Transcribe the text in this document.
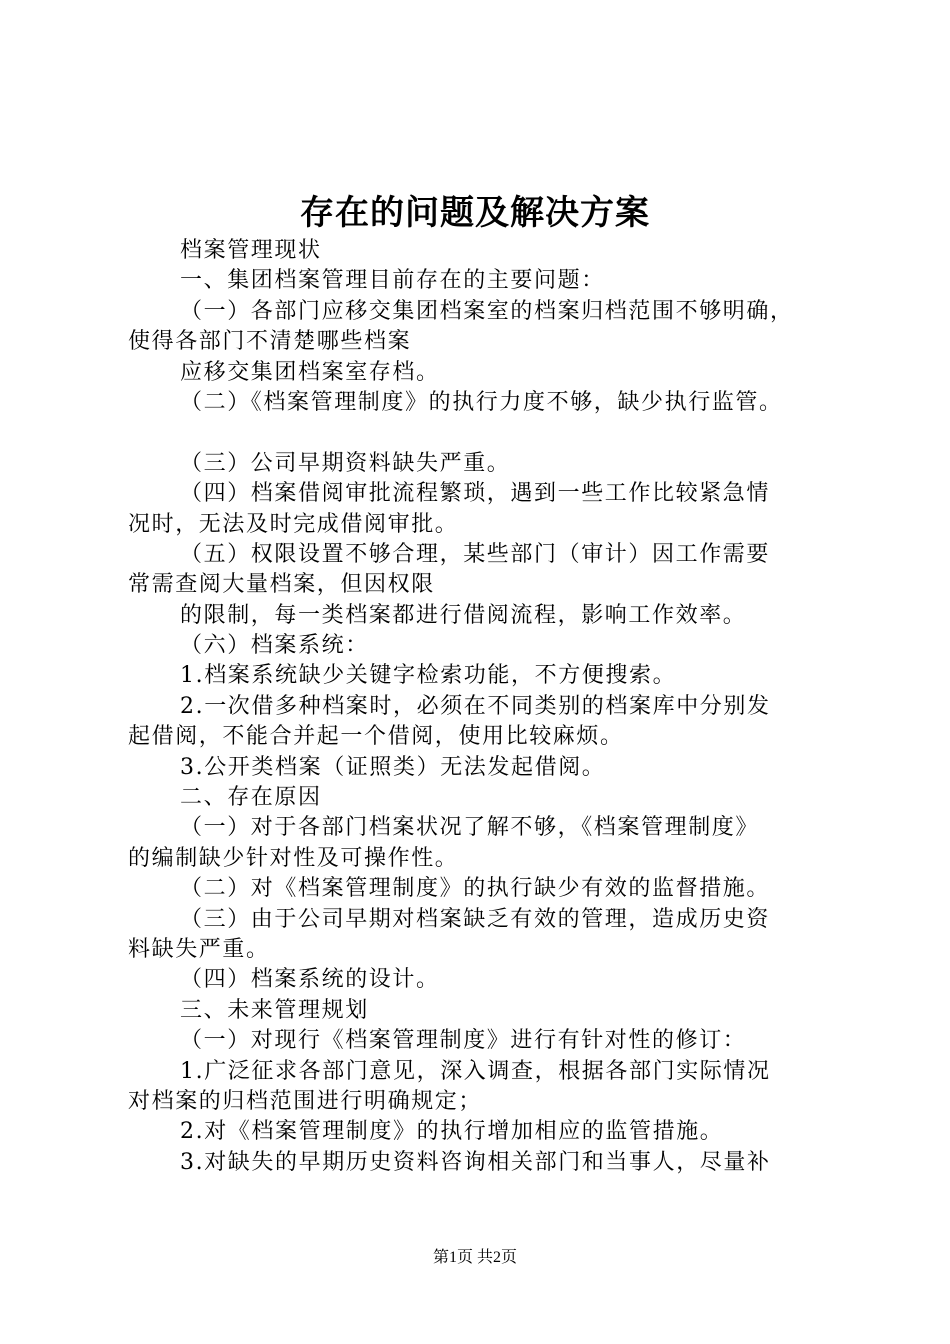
存在的问题及解决方案
档案管理现状
一、集团档案管理目前存在的主要问题：
（一）各部门应移交集团档案室的档案归档范围不够明确，
使得各部门不清楚哪些档案
应移交集团档案室存档。
（二）《档案管理制度》的执行力度不够，缺少执行监管。
（三）公司早期资料缺失严重。
（四）档案借阅审批流程繁琐，遇到一些工作比较紧急情
况时，无法及时完成借阅审批。
（五）权限设置不够合理，某些部门（审计）因工作需要
常需查阅大量档案，但因权限
的限制，每一类档案都进行借阅流程，影响工作效率。
（六）档案系统：
1.档案系统缺少关键字检索功能，不方便搜索。
2.一次借多种档案时，必须在不同类别的档案库中分别发
起借阅，不能合并起一个借阅，使用比较麻烦。
3.公开类档案（证照类）无法发起借阅。
二、存在原因
（一）对于各部门档案状况了解不够，《档案管理制度》
的编制缺少针对性及可操作性。
（二）对《档案管理制度》的执行缺少有效的监督措施。
（三）由于公司早期对档案缺乏有效的管理，造成历史资
料缺失严重。
（四）档案系统的设计。
三、未来管理规划
（一）对现行《档案管理制度》进行有针对性的修订：
1.广泛征求各部门意见，深入调查，根据各部门实际情况
对档案的归档范围进行明确规定；
2.对《档案管理制度》的执行增加相应的监管措施。
3.对缺失的早期历史资料咨询相关部门和当事人，尽量补
第1页 共2页
